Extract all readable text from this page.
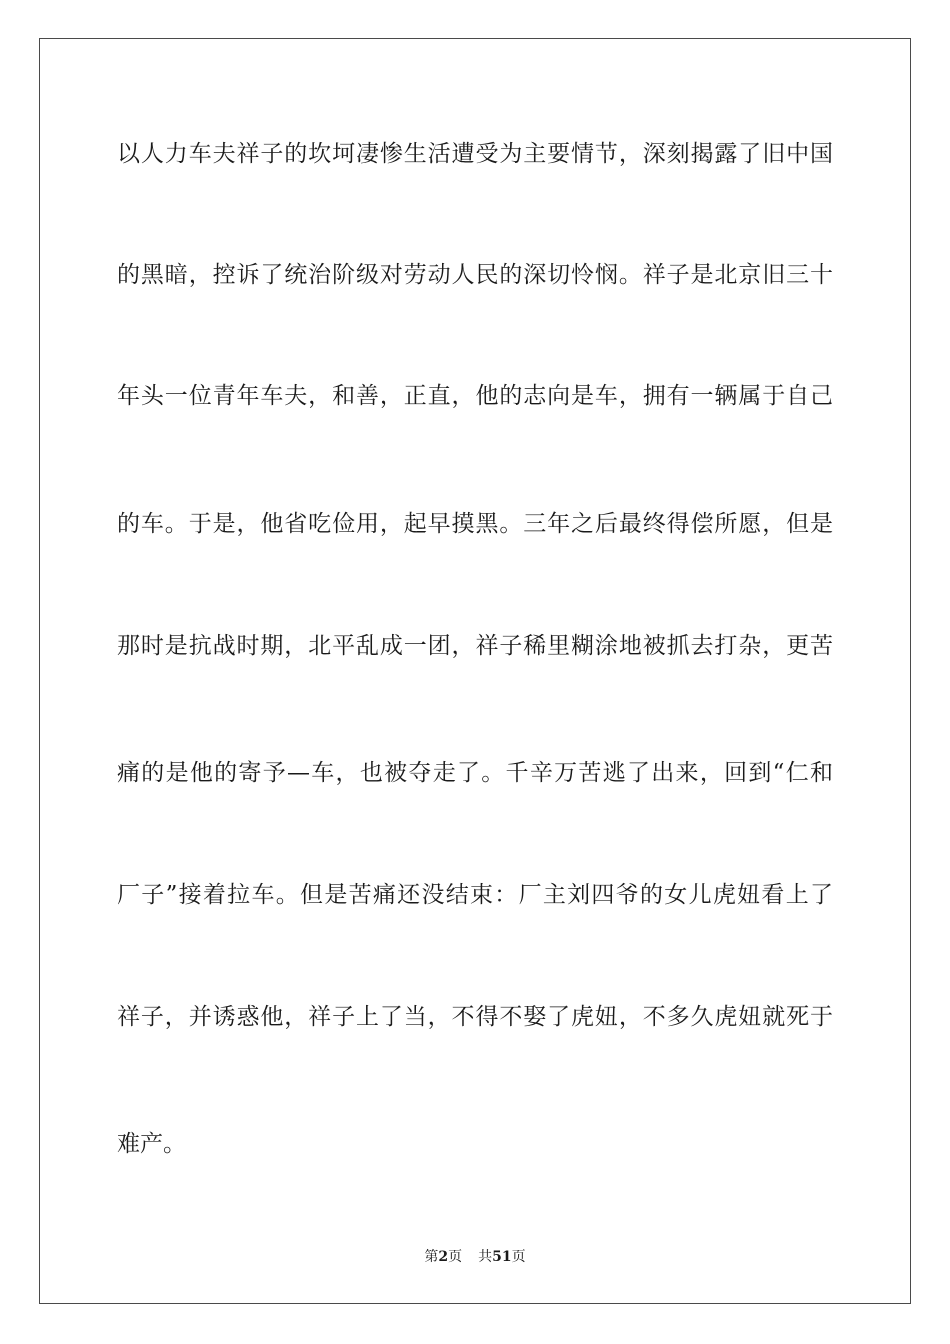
以人力车夫祥子的坎坷凄惨生活遭受为主要情节，深刻揭露了旧中国
的黑暗，控诉了统治阶级对劳动人民的深切怜悯。祥子是北京旧三十
年头一位青年车夫，和善，正直，他的志向是车，拥有一辆属于自己
的车。于是，他省吃俭用，起早摸黑。三年之后最终得偿所愿，但是
那时是抗战时期，北平乱成一团，祥子稀里糊涂地被抓去打杂，更苦
痛的是他的寄予—车，也被夺走了。千辛万苦逃了出来，回到“仁和
厂子”接着拉车。但是苦痛还没结束：厂主刘四爷的女儿虎妞看上了
祥子，并诱惑他，祥子上了当，不得不娶了虎妞，不多久虎妞就死于
难产。
第2页 共51页
